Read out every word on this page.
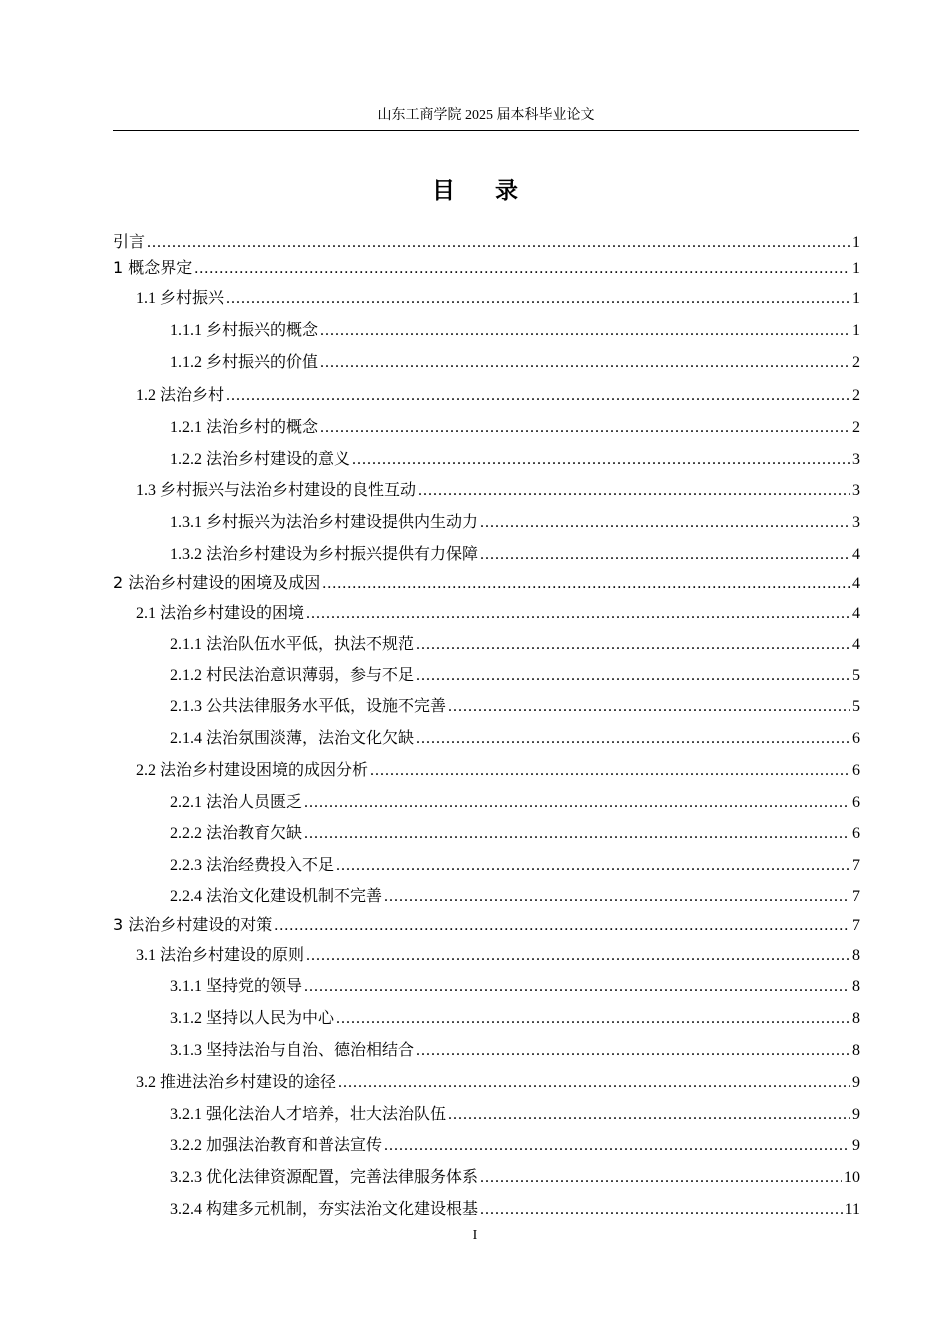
山东工商学院 2025 届本科毕业论文
目 录
引言 .....	1
1 概念界定 .....	1
1.1 乡村振兴 .....	1
1.1.1 乡村振兴的概念 .....	1
1.1.2 乡村振兴的价值 .....	2
1.2 法治乡村 .....	2
1.2.1 法治乡村的概念 .....	2
1.2.2 法治乡村建设的意义 .....	3
1.3 乡村振兴与法治乡村建设的良性互动 .....	3
1.3.1 乡村振兴为法治乡村建设提供内生动力 .....	3
1.3.2 法治乡村建设为乡村振兴提供有力保障 .....	4
2 法治乡村建设的困境及成因 .....	4
2.1 法治乡村建设的困境 .....	4
2.1.1 法治队伍水平低，执法不规范 .....	4
2.1.2 村民法治意识薄弱，参与不足 .....	5
2.1.3 公共法律服务水平低，设施不完善 .....	5
2.1.4 法治氛围淡薄，法治文化欠缺 .....	6
2.2 法治乡村建设困境的成因分析 .....	6
2.2.1 法治人员匮乏 .....	6
2.2.2 法治教育欠缺 .....	6
2.2.3 法治经费投入不足 .....	7
2.2.4 法治文化建设机制不完善 .....	7
3 法治乡村建设的对策 .....	7
3.1 法治乡村建设的原则 .....	8
3.1.1 坚持党的领导 .....	8
3.1.2 坚持以人民为中心 .....	8
3.1.3 坚持法治与自治、德治相结合 .....	8
3.2 推进法治乡村建设的途径 .....	9
3.2.1 强化法治人才培养，壮大法治队伍 .....	9
3.2.2 加强法治教育和普法宣传 .....	9
3.2.3 优化法律资源配置，完善法律服务体系 .....	10
3.2.4 构建多元机制，夯实法治文化建设根基 .....	11
I
